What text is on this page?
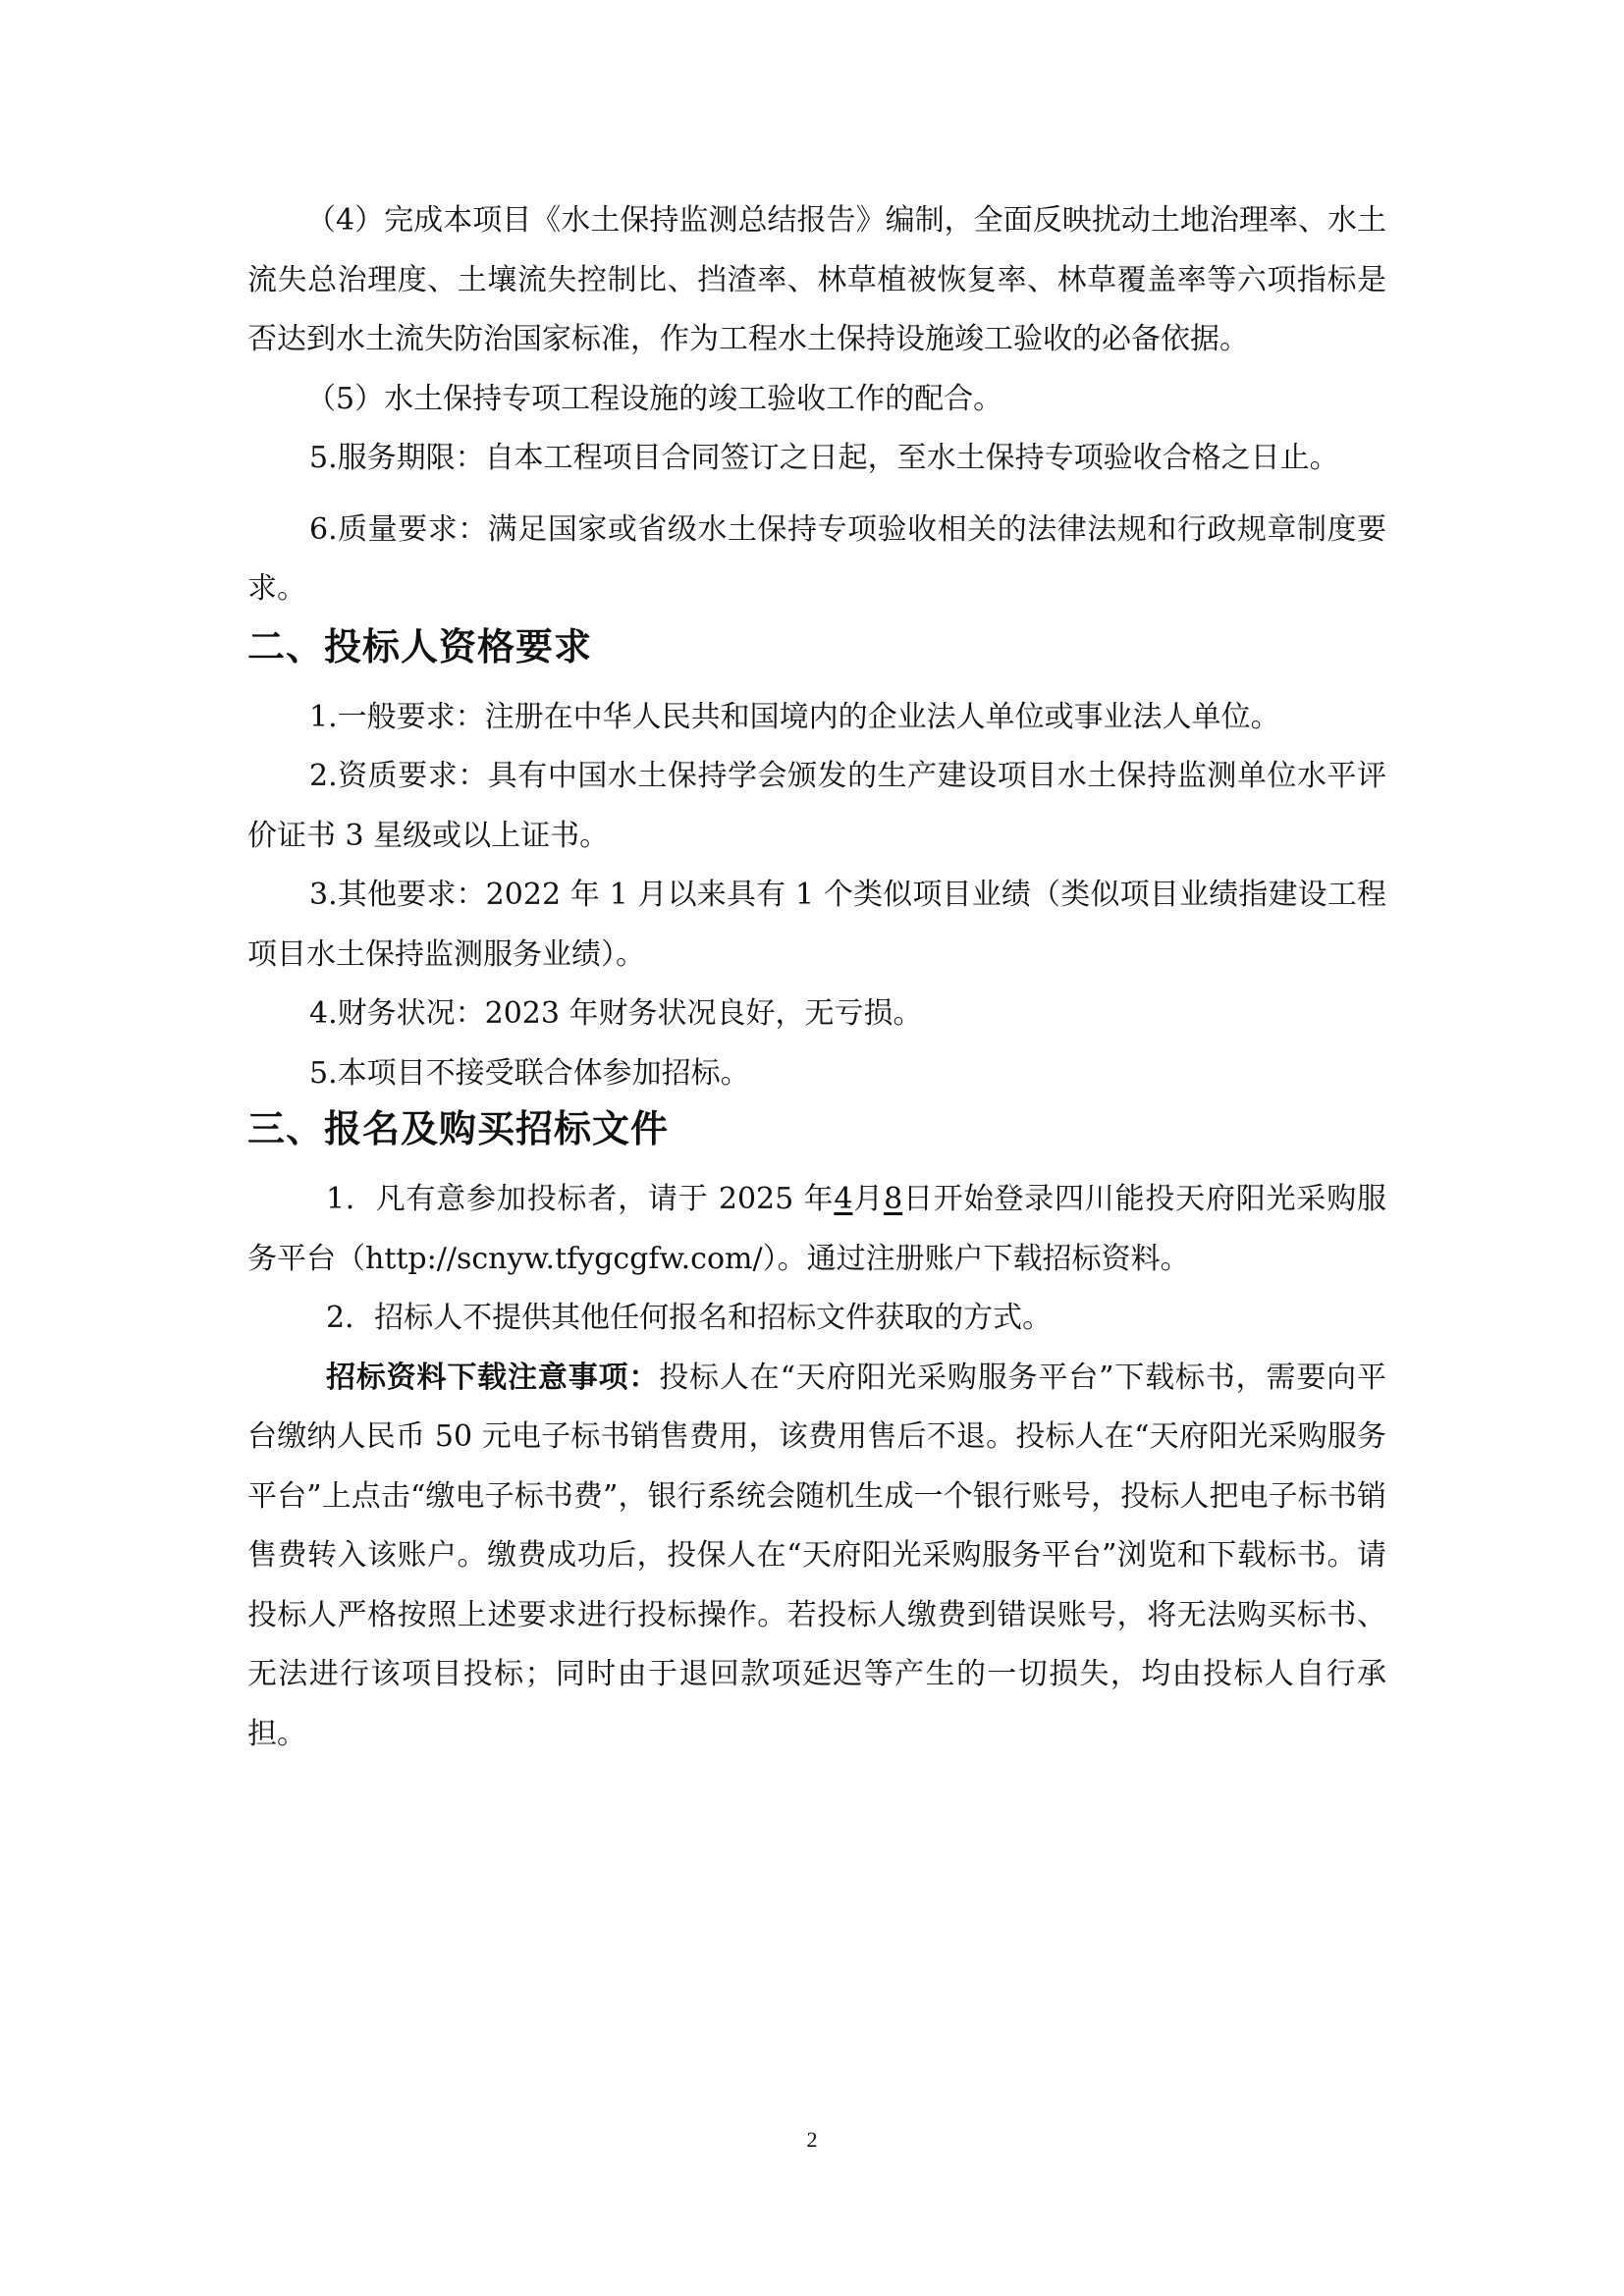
（4）完成本项目《水土保持监测总结报告》编制，全面反映扰动土地治理率、水土流失总治理度、土壤流失控制比、挡渣率、林草植被恢复率、林草覆盖率等六项指标是否达到水土流失防治国家标准，作为工程水土保持设施竣工验收的必备依据。

（5）水土保持专项工程设施的竣工验收工作的配合。

5.服务期限：自本工程项目合同签订之日起，至水土保持专项验收合格之日止。

6.质量要求：满足国家或省级水土保持专项验收相关的法律法规和行政规章制度要求。

二、投标人资格要求

1.一般要求：注册在中华人民共和国境内的企业法人单位或事业法人单位。

2.资质要求：具有中国水土保持学会颁发的生产建设项目水土保持监测单位水平评价证书 3 星级或以上证书。

3.其他要求：2022 年 1 月以来具有 1 个类似项目业绩（类似项目业绩指建设工程项目水土保持监测服务业绩）。

4.财务状况：2023 年财务状况良好，无亏损。

5.本项目不接受联合体参加招标。

三、报名及购买招标文件

1．凡有意参加投标者，请于 2025 年4月8日开始登录四川能投天府阳光采购服务平台（http://scnyw.tfygcgfw.com/）。通过注册账户下载招标资料。

2．招标人不提供其他任何报名和招标文件获取的方式。

招标资料下载注意事项：投标人在“天府阳光采购服务平台”下载标书，需要向平台缴纳人民币 50 元电子标书销售费用，该费用售后不退。投标人在“天府阳光采购服务平台”上点击“缴电子标书费”，银行系统会随机生成一个银行账号，投标人把电子标书销售费转入该账户。缴费成功后，投保人在“天府阳光采购服务平台”浏览和下载标书。请投标人严格按照上述要求进行投标操作。若投标人缴费到错误账号，将无法购买标书、无法进行该项目投标；同时由于退回款项延迟等产生的一切损失，均由投标人自行承担。

2
